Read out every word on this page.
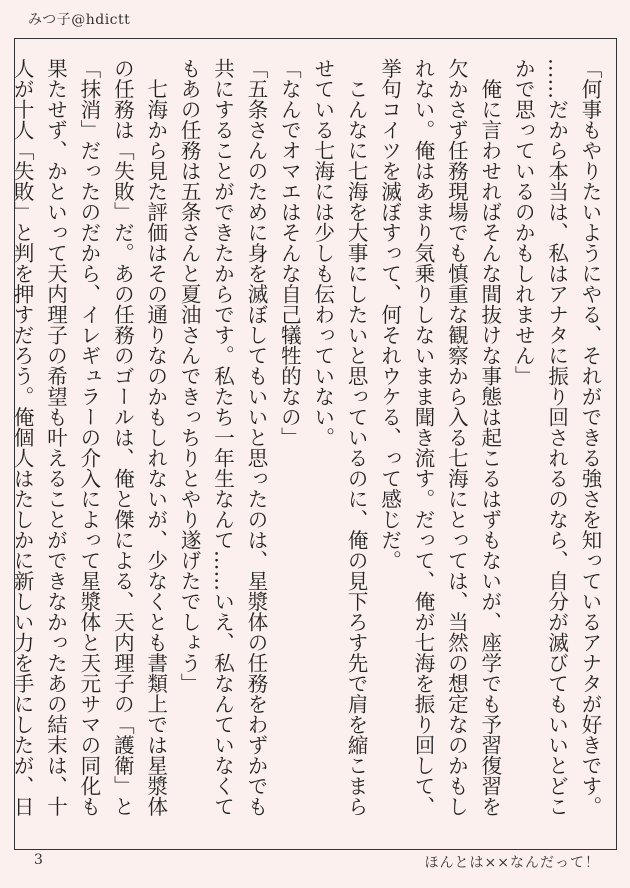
みつ子@hdictt
「何事もやりたいようにやる、それができる強さを知っているアナタが好きです。
……だから本当は、私はアナタに振り回されるのなら、自分が滅びてもいいとどこ
かで思っているのかもしれません」
　俺に言わせればそんな間抜けな事態は起こるはずもないが、座学でも予習復習を
欠かさず任務現場でも慎重な観察から入る七海にとっては、当然の想定なのかもし
れない。俺はあまり気乗りしないまま聞き流す。だって、俺が七海を振り回して、
挙句コイツを滅ぼすって、何それウケる、って感じだ。
　こんなに七海を大事にしたいと思っているのに、俺の見下ろす先で肩を縮こまら
せている七海には少しも伝わっていない。
「なんでオマエはそんな自己犠牲的なの」
「五条さんのために身を滅ぼしてもいいと思ったのは、星漿体の任務をわずかでも
共にすることができたからです。私たち一年生なんて……いえ、私なんていなくて
もあの任務は五条さんと夏油さんできっちりとやり遂げたでしょう」
　七海から見た評価はその通りなのかもしれないが、少なくとも書類上では星漿体
の任務は「失敗」だ。あの任務のゴールは、俺と傑による、天内理子の「護衛」と
「抹消」だったのだから、イレギュラーの介入によって星漿体と天元サマの同化も
果たせず、かといって天内理子の希望も叶えることができなかったあの結末は、十
人が十人「失敗」と判を押すだろう。俺個人はたしかに新しい力を手にしたが、日
3	ほんとは××なんだって！
